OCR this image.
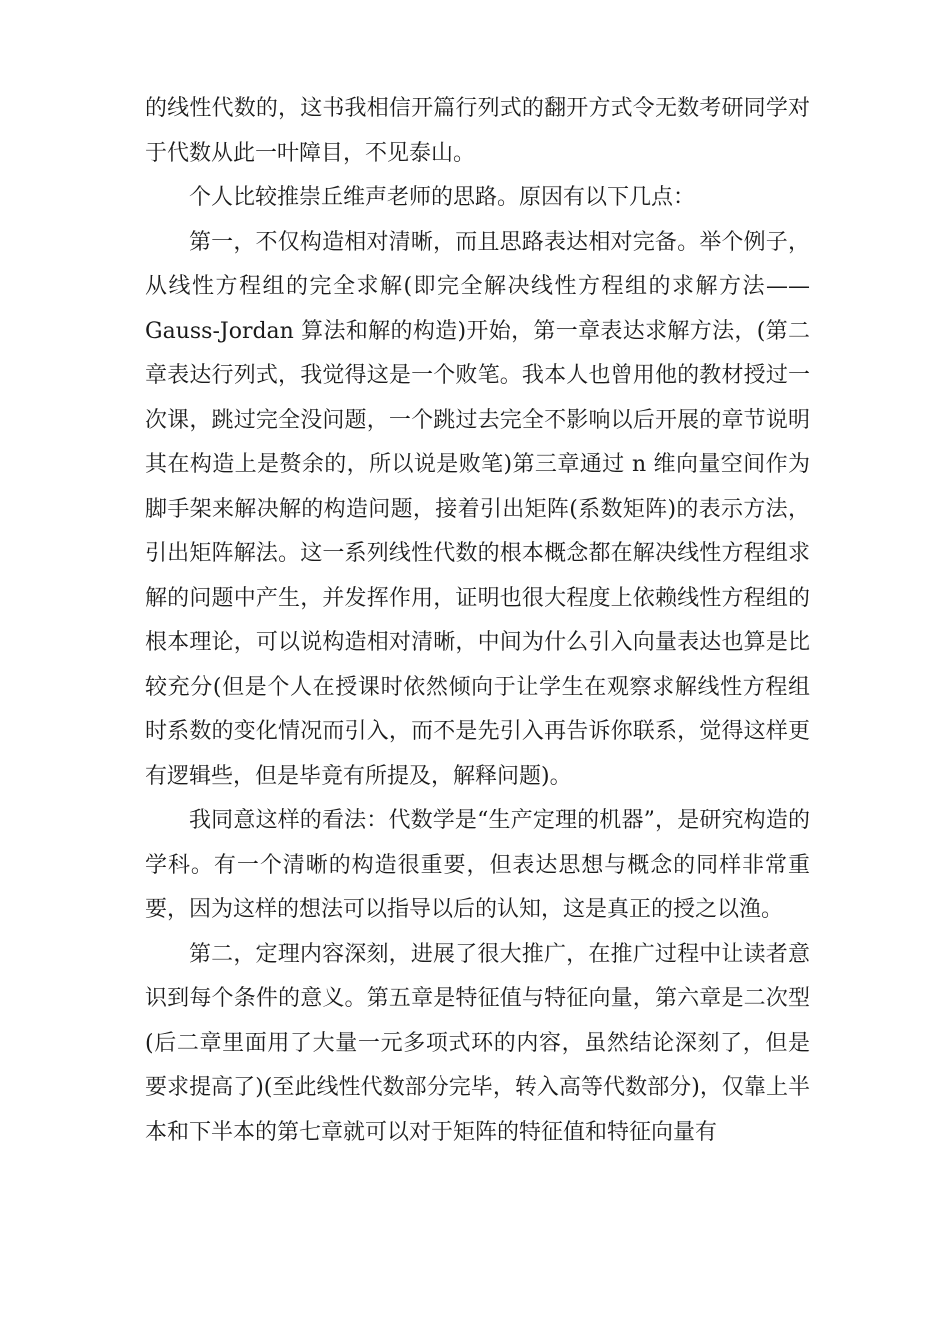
的线性代数的，这书我相信开篇行列式的翻开方式令无数考研同学对于代数从此一叶障目，不见泰山。

个人比较推崇丘维声老师的思路。原因有以下几点：

第一，不仅构造相对清晰，而且思路表达相对完备。举个例子，从线性方程组的完全求解(即完全解决线性方程组的求解方法——Gauss-Jordan 算法和解的构造)开始，第一章表达求解方法，(第二章表达行列式，我觉得这是一个败笔。我本人也曾用他的教材授过一次课，跳过完全没问题，一个跳过去完全不影响以后开展的章节说明其在构造上是赘余的，所以说是败笔)第三章通过 n 维向量空间作为脚手架来解决解的构造问题，接着引出矩阵(系数矩阵)的表示方法，引出矩阵解法。这一系列线性代数的根本概念都在解决线性方程组求解的问题中产生，并发挥作用，证明也很大程度上依赖线性方程组的根本理论，可以说构造相对清晰，中间为什么引入向量表达也算是比较充分(但是个人在授课时依然倾向于让学生在观察求解线性方程组时系数的变化情况而引入，而不是先引入再告诉你联系，觉得这样更有逻辑些，但是毕竟有所提及，解释问题)。

我同意这样的看法：代数学是“生产定理的机器”，是研究构造的学科。有一个清晰的构造很重要，但表达思想与概念的同样非常重要，因为这样的想法可以指导以后的认知，这是真正的授之以渔。

第二，定理内容深刻，进展了很大推广，在推广过程中让读者意识到每个条件的意义。第五章是特征值与特征向量，第六章是二次型(后二章里面用了大量一元多项式环的内容，虽然结论深刻了，但是要求提高了)(至此线性代数部分完毕，转入高等代数部分)，仅靠上半本和下半本的第七章就可以对于矩阵的特征值和特征向量有
